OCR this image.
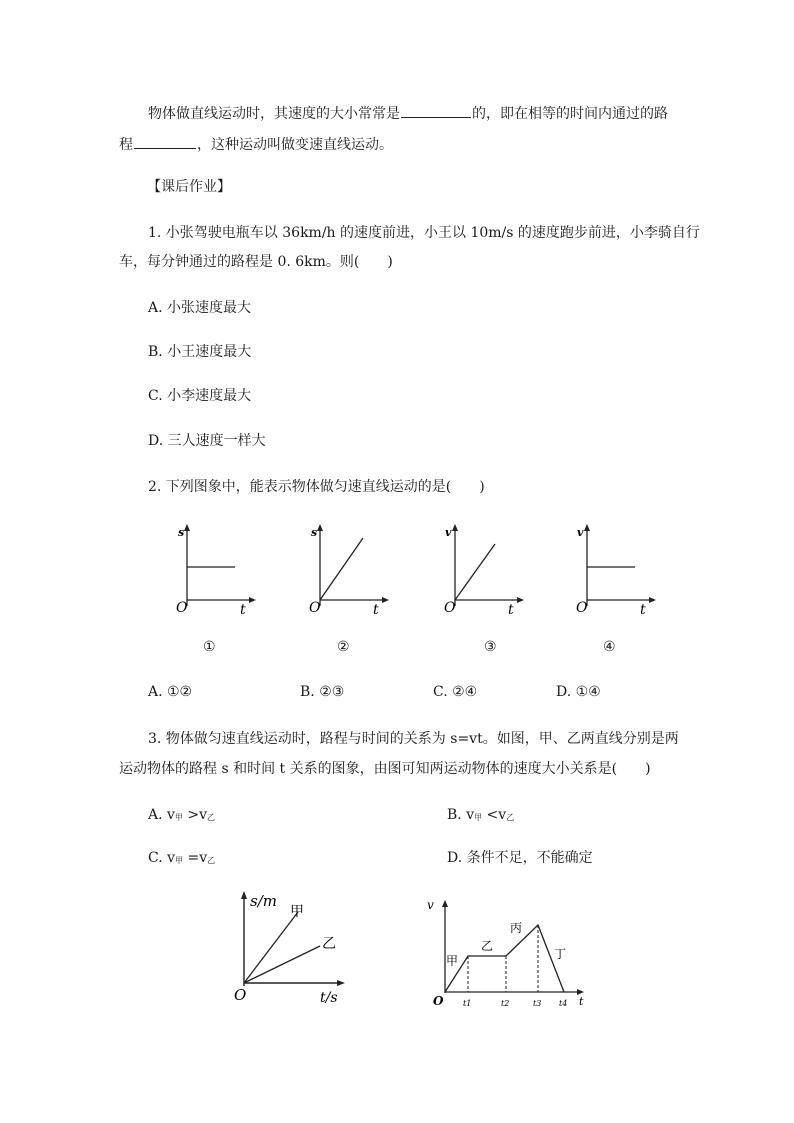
物体做直线运动时，其速度的大小常常是	的，即在相等的时间内通过的路
程	，这种运动叫做变速直线运动。
【课后作业】
1. 小张驾驶电瓶车以 36km/h 的速度前进，小王以 10m/s 的速度跑步前进，小李骑自行
车，每分钟通过的路程是 0. 6km。则(　　)
A. 小张速度最大
B. 小王速度最大
C. 小李速度最大
D. 三人速度一样大
2. 下列图象中，能表示物体做匀速直线运动的是(　　)
s
O	t
s
O	t
v
O	t
v
O	t
①	②	③	④
A. ①②	B. ②③	C. ②④	D. ①④
3. 物体做匀速直线运动时，路程与时间的关系为 s=vt。如图，甲、乙两直线分别是两
运动物体的路程 s 和时间 t 关系的图象，由图可知两运动物体的速度大小关系是(　　)
A. v甲 >v乙	B. v甲 <v乙
C. v甲 =v乙	D. 条件不足，不能确定
s/m
甲
乙
O	t/s
v
甲
乙
丙
丁
O t1	t2	t3 t4 t
